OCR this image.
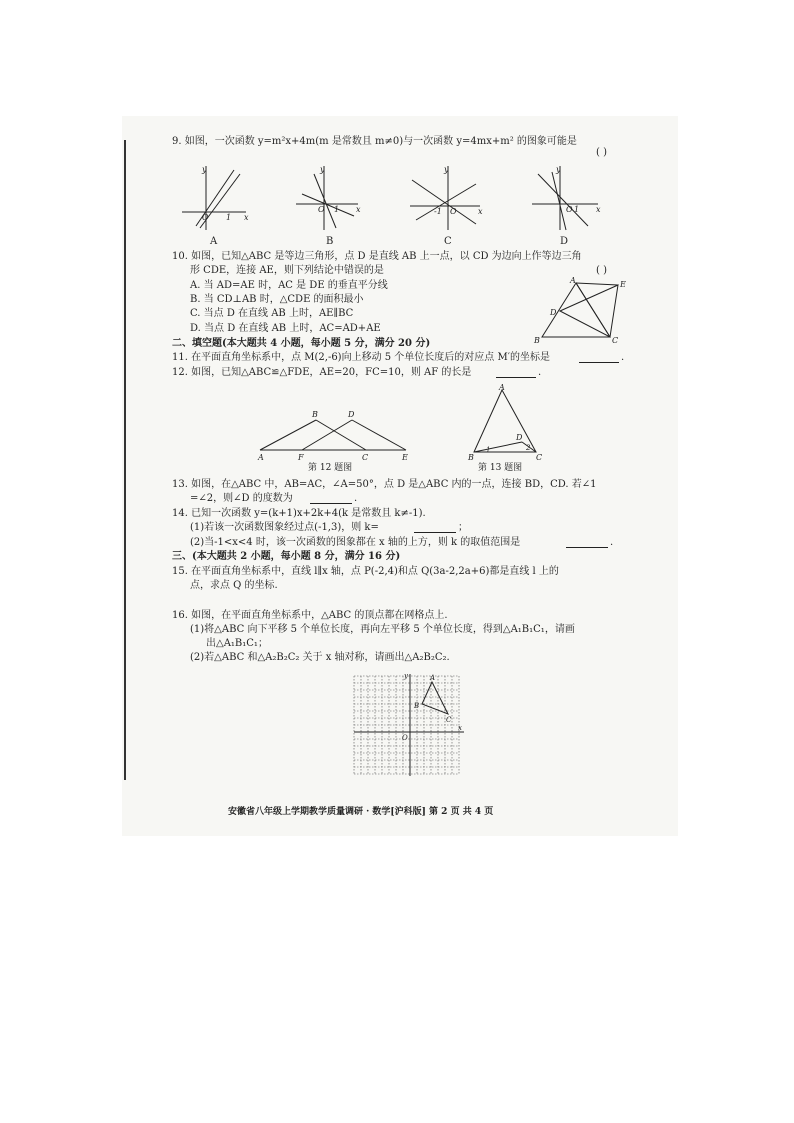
9. 如图，一次函数 y=m²x+4m(m 是常数且 m≠0)与一次函数 y=4mx+m² 的图象可能是
( )
y
x
O 1
y
x
O 1
y
x
-1 O
y
x
O 1
A	B	C	D
10. 如图，已知△ABC 是等边三角形，点 D 是直线 AB 上一点，以 CD 为边向上作等边三角
形 CDE，连接 AE，则下列结论中错误的是	( )
A. 当 AD=AE 时，AC 是 DE 的垂直平分线
B. 当 CD⊥AB 时，△CDE 的面积最小
C. 当点 D 在直线 AB 上时，AE∥BC
D. 当点 D 在直线 AB 上时，AC=AD+AE
A	E
D
B	C
二、填空题(本大题共 4 小题，每小题 5 分，满分 20 分)
11. 在平面直角坐标系中，点 M(2,-6)向上移动 5 个单位长度后的对应点 M′的坐标是	.
12. 如图，已知△ABC≌△FDE，AE=20，FC=10，则 AF 的长是	.
A	F	C	E
B	D
第 12 题图
A
B	C
D
1	2
第 13 题图
13. 如图，在△ABC 中，AB=AC，∠A=50°，点 D 是△ABC 内的一点，连接 BD，CD. 若∠1
=∠2，则∠D 的度数为	.
14. 已知一次函数 y=(k+1)x+2k+4(k 是常数且 k≠-1).
(1)若该一次函数图象经过点(-1,3)，则 k=	；
(2)当-1<x<4 时，该一次函数的图象都在 x 轴的上方，则 k 的取值范围是	.
三、(本大题共 2 小题，每小题 8 分，满分 16 分)
15. 在平面直角坐标系中，直线 l∥x 轴，点 P(-2,4)和点 Q(3a-2,2a+6)都是直线 l 上的
点，求点 Q 的坐标.
16. 如图，在平面直角坐标系中，△ABC 的顶点都在网格点上.
(1)将△ABC 向下平移 5 个单位长度，再向左平移 5 个单位长度，得到△A₁B₁C₁，请画
出△A₁B₁C₁；
(2)若△ABC 和△A₂B₂C₂ 关于 x 轴对称，请画出△A₂B₂C₂.
y
x
O
A
B
C
安徽省八年级上学期教学质量调研 · 数学[沪科版] 第 2 页 共 4 页
